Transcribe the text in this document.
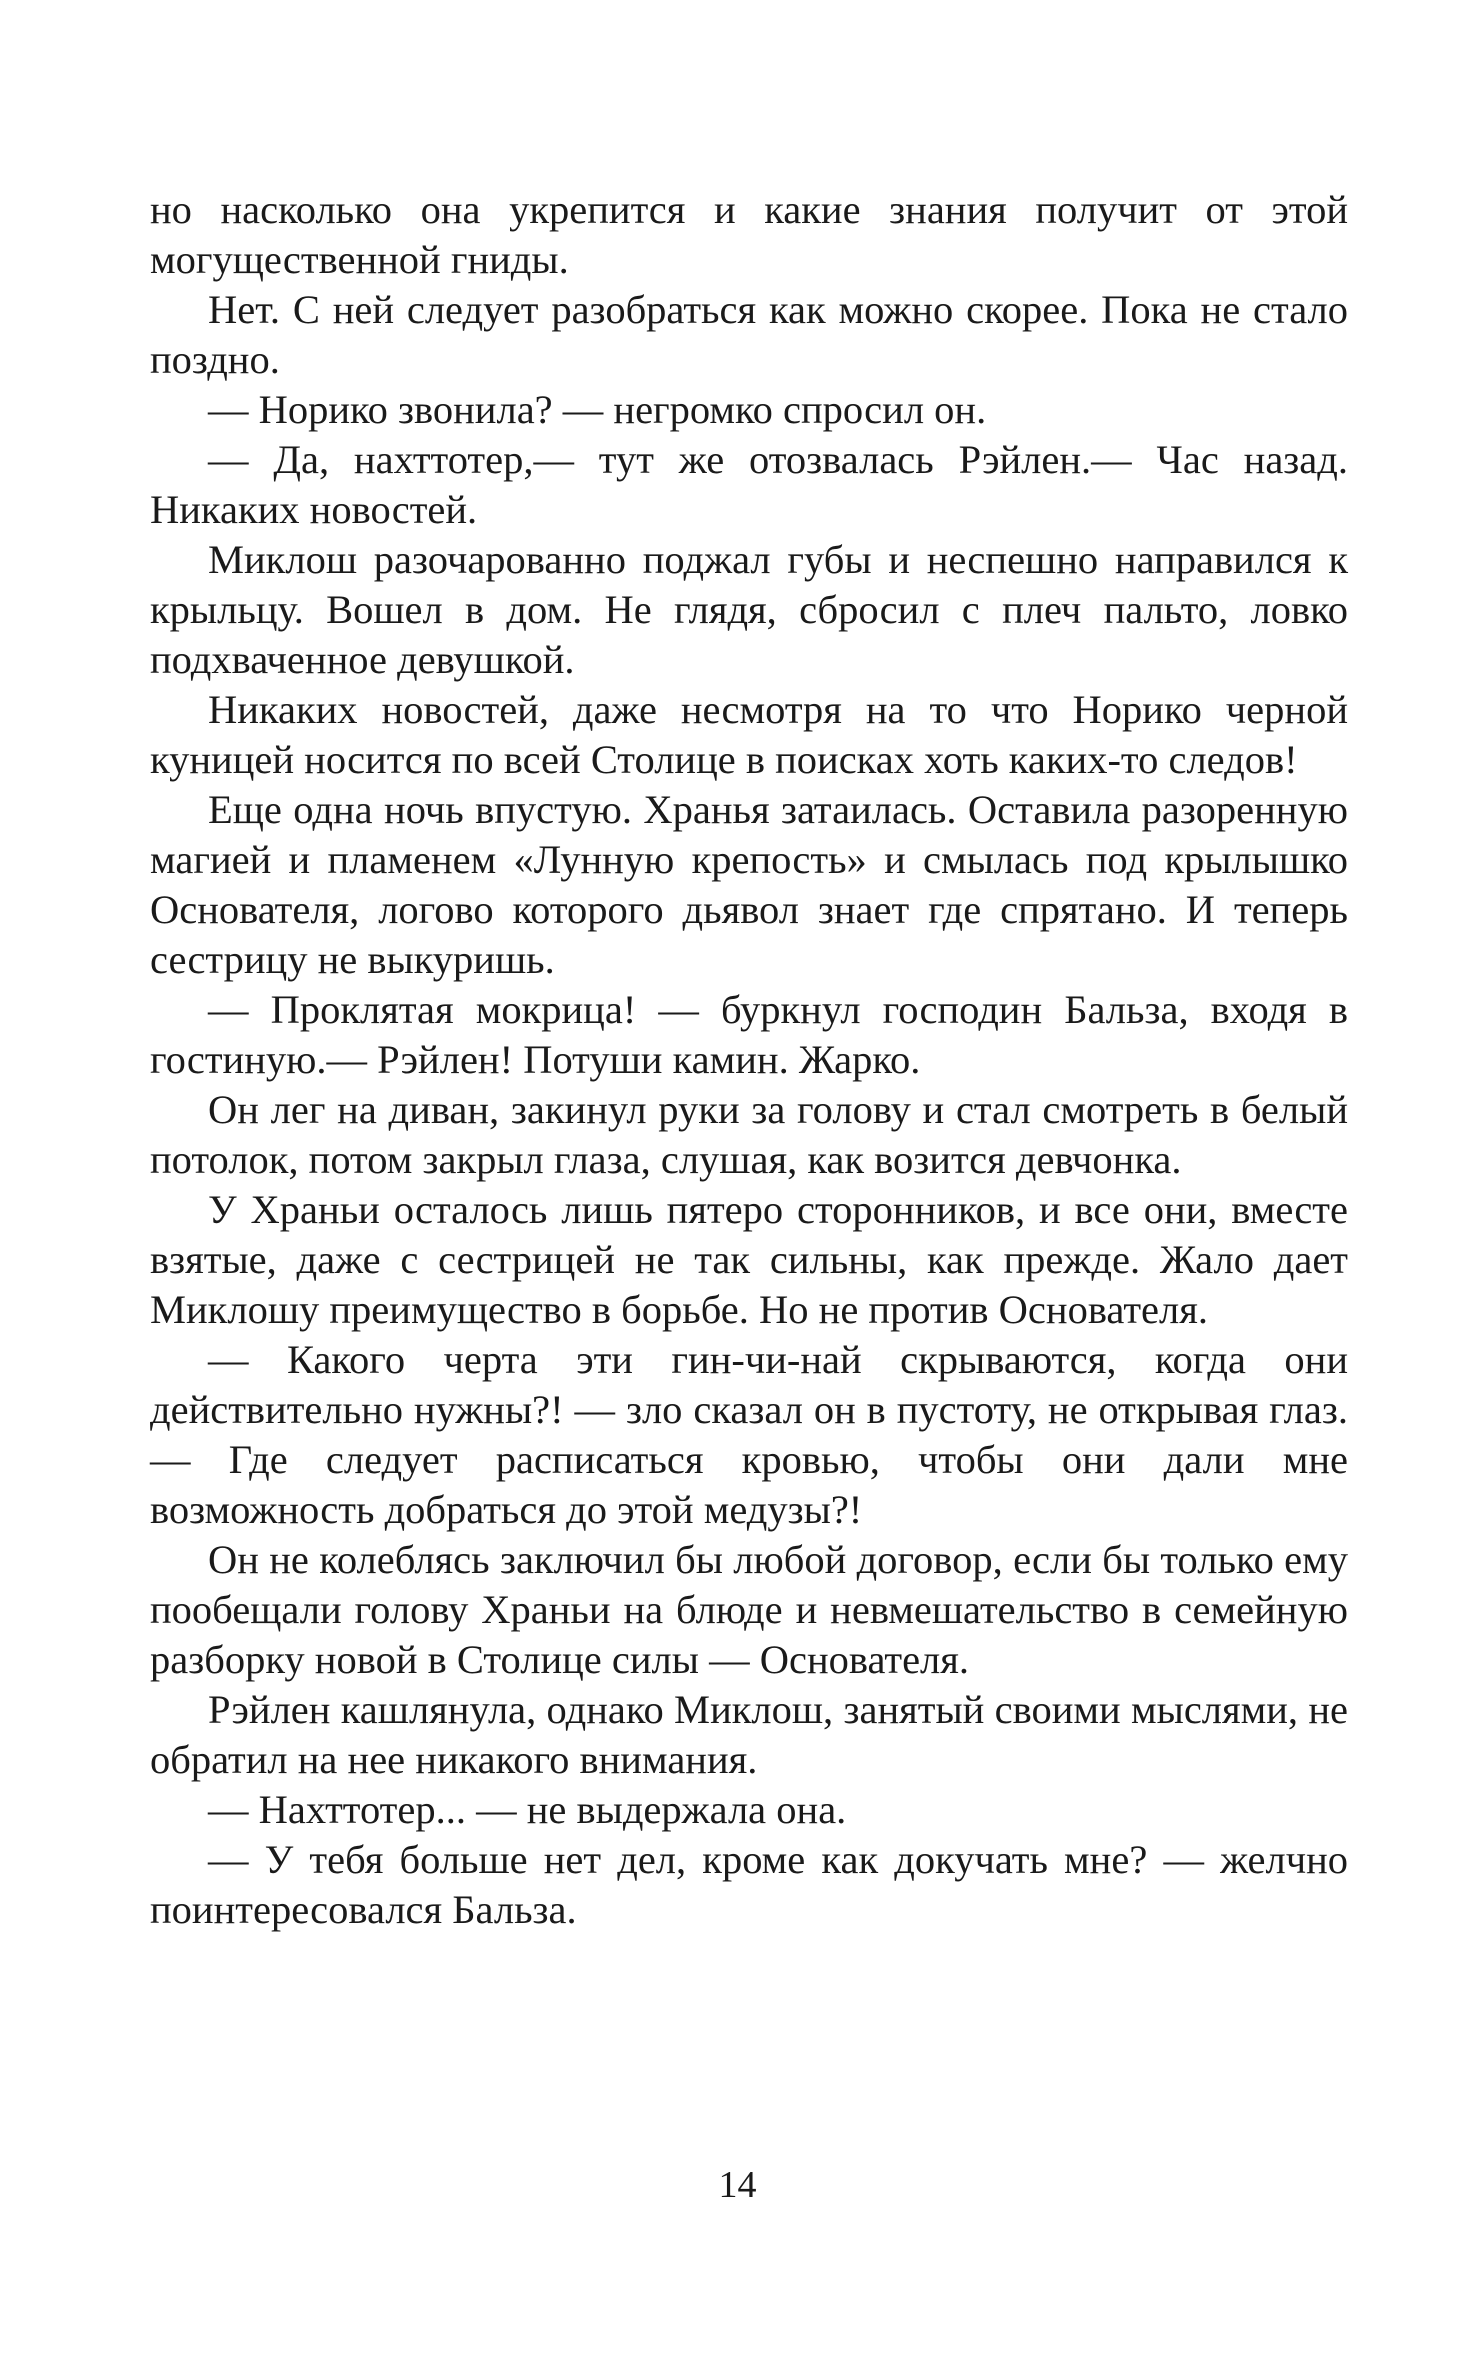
но насколько она укрепится и какие знания получит от этой могущественной гниды.

Нет. С ней следует разобраться как можно скорее. Пока не стало поздно.

— Норико звонила? — негромко спросил он.

— Да, нахттотер,— тут же отозвалась Рэйлен.— Час назад. Никаких новостей.

Миклош разочарованно поджал губы и неспешно направился к крыльцу. Вошел в дом. Не глядя, сбросил с плеч пальто, ловко подхваченное девушкой.

Никаких новостей, даже несмотря на то что Норико черной куницей носится по всей Столице в поисках хоть каких-то следов!

Еще одна ночь впустую. Хранья затаилась. Оставила разоренную магией и пламенем «Лунную крепость» и смылась под крылышко Основателя, логово которого дьявол знает где спрятано. И теперь сестрицу не выкуришь.

— Проклятая мокрица! — буркнул господин Бальза, входя в гостиную.— Рэйлен! Потуши камин. Жарко.

Он лег на диван, закинул руки за голову и стал смотреть в белый потолок, потом закрыл глаза, слушая, как возится девчонка.

У Храньи осталось лишь пятеро сторонников, и все они, вместе взятые, даже с сестрицей не так сильны, как прежде. Жало дает Миклошу преимущество в борьбе. Но не против Основателя.

— Какого черта эти гин-чи-най скрываются, когда они действительно нужны?! — зло сказал он в пустоту, не открывая глаз.— Где следует расписаться кровью, чтобы они дали мне возможность добраться до этой медузы?!

Он не колеблясь заключил бы любой договор, если бы только ему пообещали голову Храньи на блюде и невмешательство в семейную разборку новой в Столице силы — Основателя.

Рэйлен кашлянула, однако Миклош, занятый своими мыслями, не обратил на нее никакого внимания.

— Нахттотер... — не выдержала она.

— У тебя больше нет дел, кроме как докучать мне? — желчно поинтересовался Бальза.

14
